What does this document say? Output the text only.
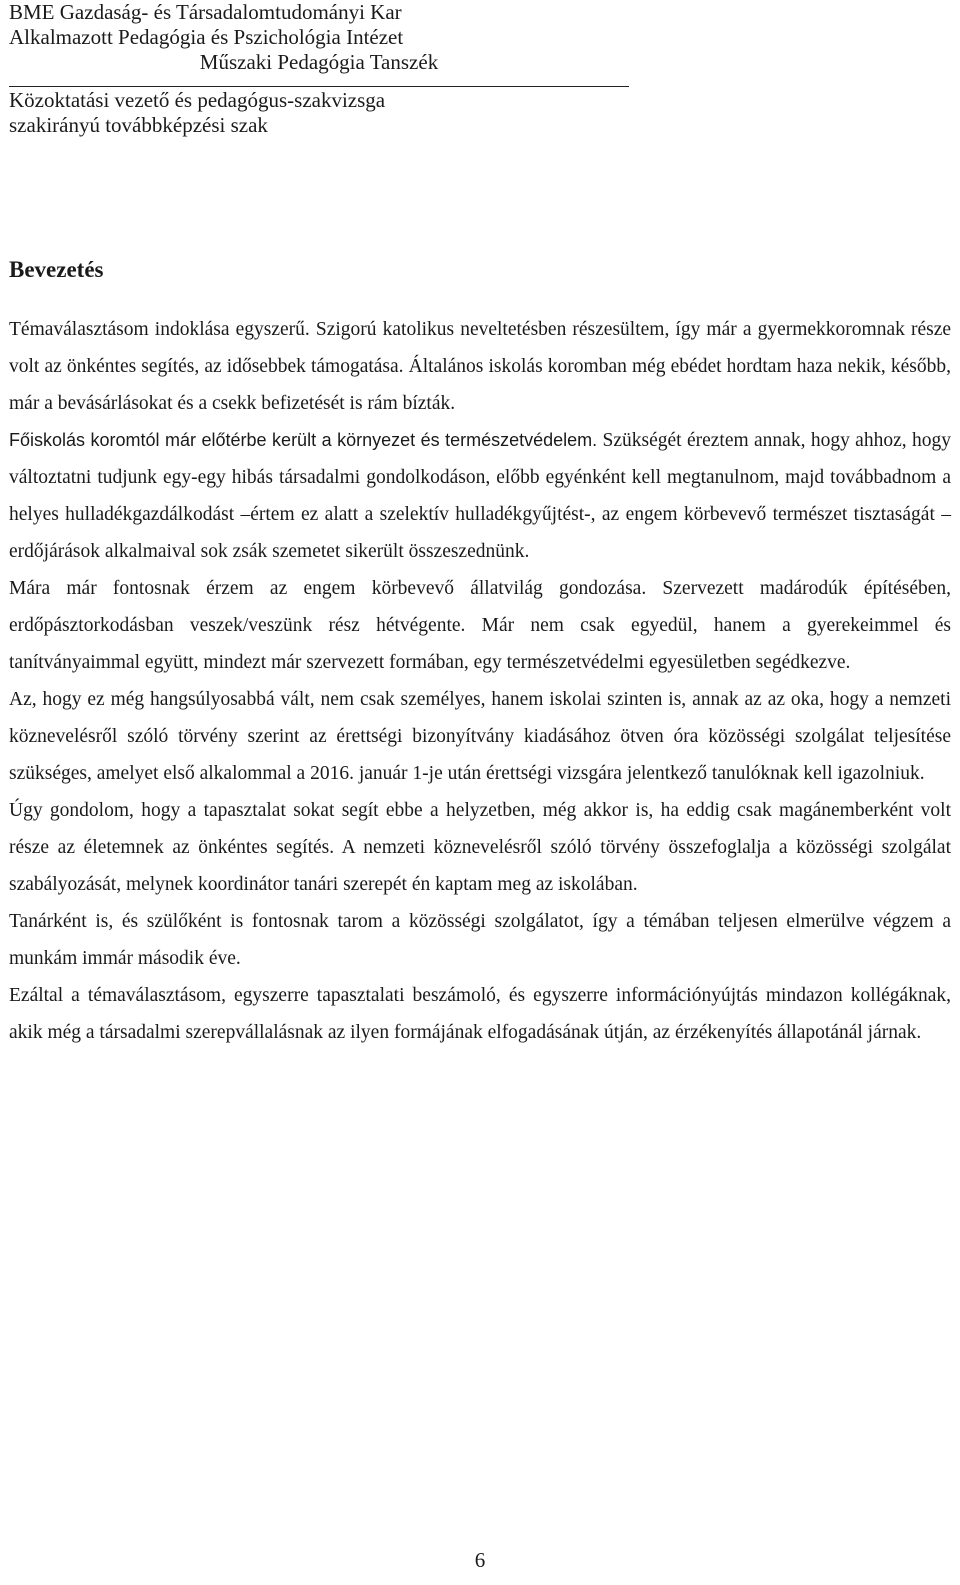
BME Gazdaság- és Társadalomtudományi Kar
Alkalmazott Pedagógia és Pszichológia Intézet
Műszaki Pedagógia Tanszék
Közoktatási vezető és pedagógus-szakvizsga
szakirányú továbbképzési szak
Bevezetés

Témaválasztásom indoklása egyszerű. Szigorú katolikus neveltetésben részesültem, így már a gyermekkoromnak része volt az önkéntes segítés, az idősebbek támogatása. Általános iskolás koromban még ebédet hordtam haza nekik, később, már a bevásárlásokat és a csekk befizetését is rám bízták.

Főiskolás koromtól már előtérbe került a környezet és természetvédelem. Szükségét éreztem annak, hogy ahhoz, hogy változtatni tudjunk egy-egy hibás társadalmi gondolkodáson, előbb egyénként kell megtanulnom, majd továbbadnom a helyes hulladékgazdálkodást –értem ez alatt a szelektív hulladékgyűjtést-, az engem körbevevő természet tisztaságát –erdőjárások alkalmaival sok zsák szemetet sikerült összeszednünk.

Mára már fontosnak érzem az engem körbevevő állatvilág gondozása. Szervezett madárodúk építésében, erdőpásztorkodásban veszek/veszünk rész hétvégente. Már nem csak egyedül, hanem a gyerekeimmel és tanítványaimmal együtt, mindezt már szervezett formában, egy természetvédelmi egyesületben segédkezve.

Az, hogy ez még hangsúlyosabbá vált, nem csak személyes, hanem iskolai szinten is, annak az az oka, hogy a nemzeti köznevelésről szóló törvény szerint az érettségi bizonyítvány kiadásához ötven óra közösségi szolgálat teljesítése szükséges, amelyet első alkalommal a 2016. január 1-je után érettségi vizsgára jelentkező tanulóknak kell igazolniuk.

Úgy gondolom, hogy a tapasztalat sokat segít ebbe a helyzetben, még akkor is, ha eddig csak magánemberként volt része az életemnek az önkéntes segítés. A nemzeti köznevelésről szóló törvény összefoglalja a közösségi szolgálat szabályozását, melynek koordinátor tanári szerepét én kaptam meg az iskolában.

Tanárként is, és szülőként is fontosnak tarom a közösségi szolgálatot, így a témában teljesen elmerülve végzem a munkám immár második éve.

Ezáltal a témaválasztásom, egyszerre tapasztalati beszámoló, és egyszerre információnyújtás mindazon kollégáknak, akik még a társadalmi szerepvállalásnak az ilyen formájának elfogadásának útján, az érzékenyítés állapotánál járnak.

6
